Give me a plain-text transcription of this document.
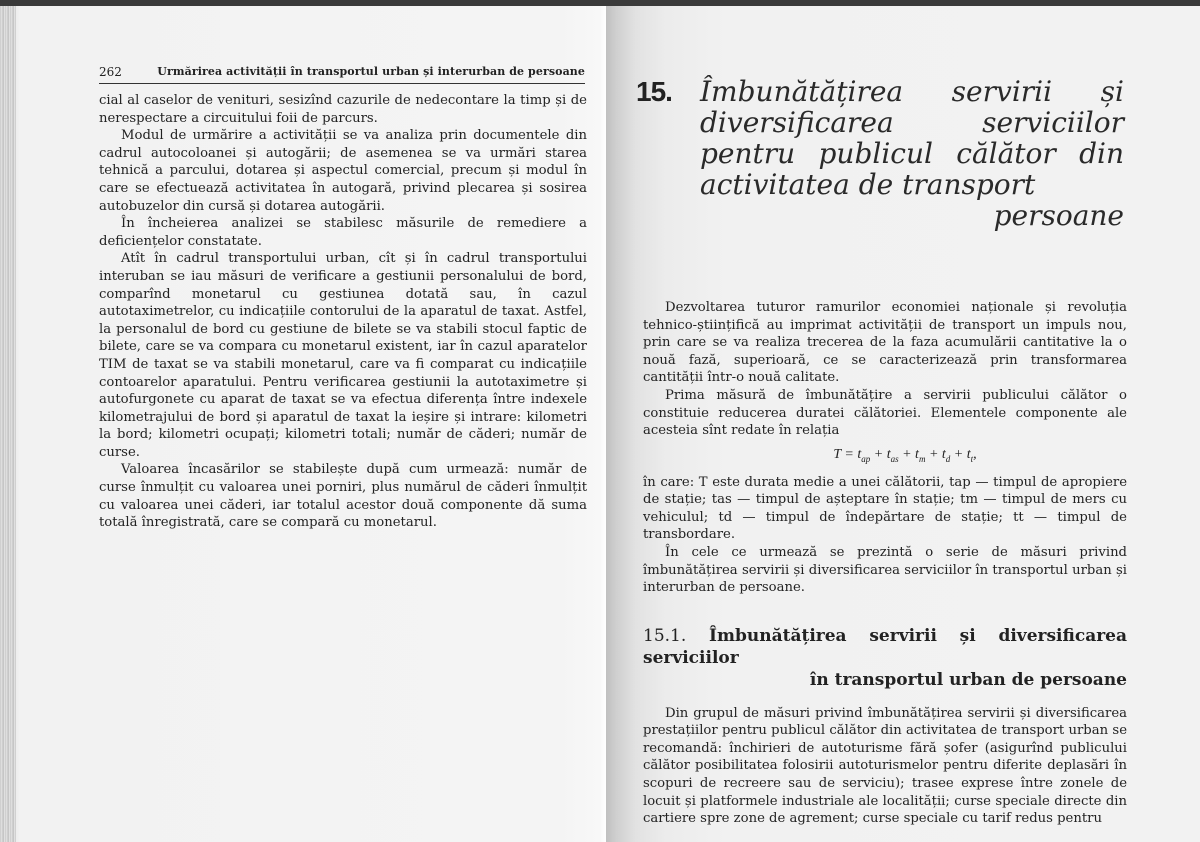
262	Urmărirea activității în transportul urban și interurban de persoane

cial al caselor de venituri, sesizînd cazurile de nedecontare la timp și de nerespectare a circuitului foii de parcurs.

Modul de urmărire a activității se va analiza prin documentele din cadrul autocoloanei și autogării; de asemenea se va urmări starea tehnică a parcului, dotarea și aspectul comercial, precum și modul în care se efectuează activitatea în autogară, privind plecarea și sosirea autobuzelor din cursă și dotarea autogării.

În încheierea analizei se stabilesc măsurile de remediere a deficiențelor constatate.

Atît în cadrul transportului urban, cît și în cadrul transportului interuban se iau măsuri de verificare a gestiunii personalului de bord, comparînd monetarul cu gestiunea dotată sau, în cazul autotaximetrelor, cu indicațiile contorului de la aparatul de taxat. Astfel, la personalul de bord cu gestiune de bilete se va stabili stocul faptic de bilete, care se va compara cu monetarul existent, iar în cazul aparatelor TIM de taxat se va stabili monetarul, care va fi comparat cu indicațiile contoarelor aparatului. Pentru verificarea gestiunii la autotaximetre și autofurgonete cu aparat de taxat se va efectua diferența între indexele kilometrajului de bord și aparatul de taxat la ieșire și intrare: kilometri la bord; kilometri ocupați; kilometri totali; număr de căderi; număr de curse.

Valoarea încasărilor se stabilește după cum urmează: număr de curse înmulțit cu valoarea unei porniri, plus numărul de căderi înmulțit cu valoarea unei căderi, iar totalul acestor două componente dă suma totală înregistrată, care se compară cu monetarul.

15. Îmbunătățirea servirii și diversificarea serviciilor pentru publicul călător din activitatea de transport
persoane

Dezvoltarea tuturor ramurilor economiei naționale și revoluția tehnico-științifică au imprimat activității de transport un impuls nou, prin care se va realiza trecerea de la faza acumulării cantitative la o nouă fază, superioară, ce se caracterizează prin transformarea cantității într-o nouă calitate.

Prima măsură de îmbunătățire a servirii publicului călător o constituie reducerea duratei călătoriei. Elementele componente ale acesteia sînt redate în relația

$T = t_{ap} + t_{as} + t_m + t_d + t_t$,

în care: T este durata medie a unei călătorii, tap — timpul de apropiere de stație; tas — timpul de așteptare în stație; tm — timpul de mers cu vehiculul; td — timpul de îndepărtare de stație; tt — timpul de transbordare.

În cele ce urmează se prezintă o serie de măsuri privind îmbunătățirea servirii și diversificarea serviciilor în transportul urban și interurban de persoane.

15.1. Îmbunătățirea servirii și diversificarea serviciilor
în transportul urban de persoane

Din grupul de măsuri privind îmbunătățirea servirii și diversificarea prestațiilor pentru publicul călător din activitatea de transport urban se recomandă: închirieri de autoturisme fără șofer (asigurînd publicului călător posibilitatea folosirii autoturismelor pentru diferite deplasări în scopuri de recreere sau de serviciu); trasee exprese între zonele de locuit și platformele industriale ale localității; curse speciale directe din cartiere spre zone de agrement; curse speciale cu tarif redus pentru
